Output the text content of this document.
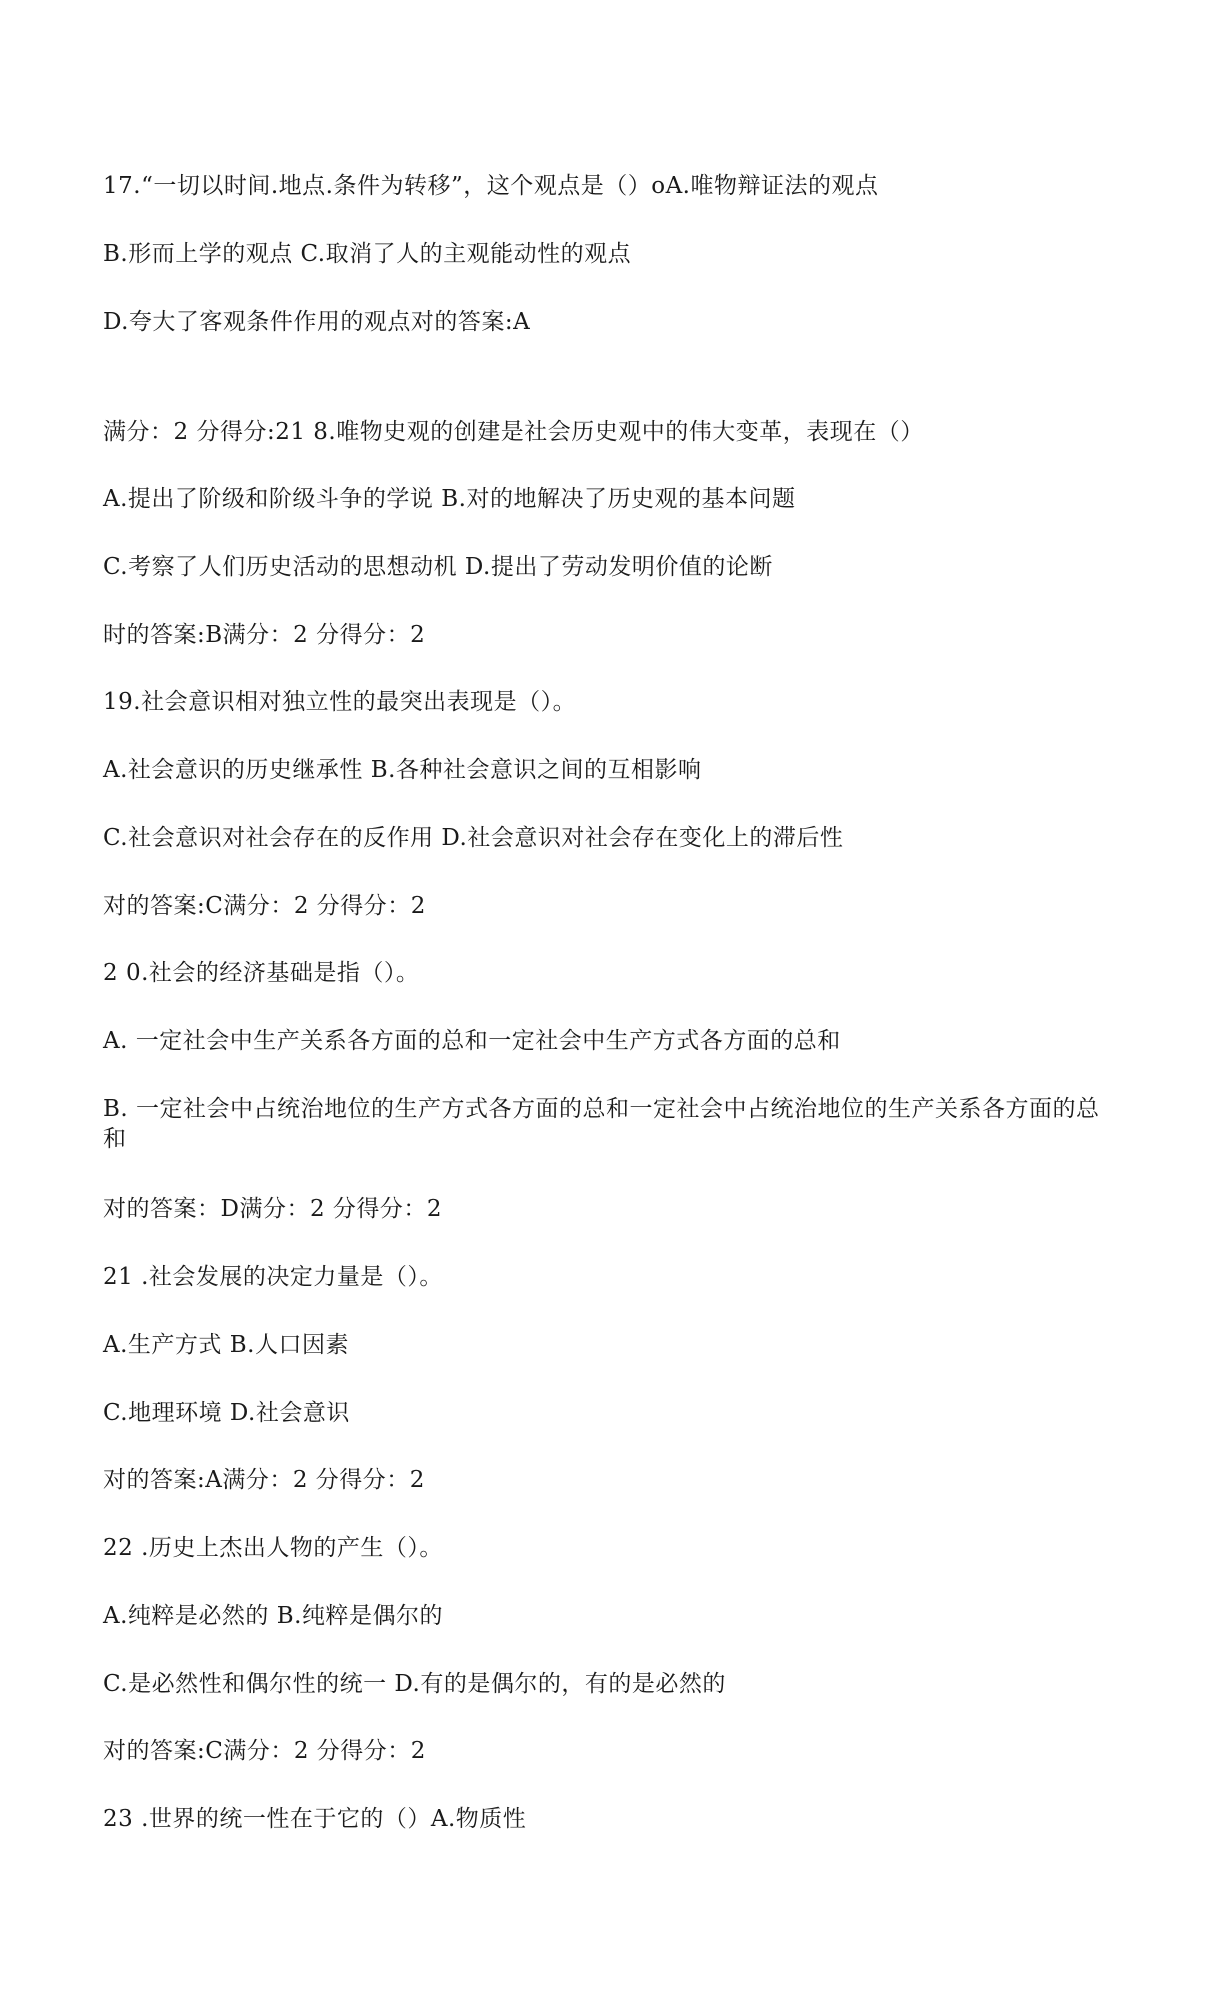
17.“一切以时间.地点.条件为转移”，这个观点是（）oA.唯物辩证法的观点
B.形而上学的观点 C.取消了人的主观能动性的观点
D.夸大了客观条件作用的观点对的答案:A
满分：2 分得分:21 8.唯物史观的创建是社会历史观中的伟大变革，表现在（）
A.提出了阶级和阶级斗争的学说 B.对的地解决了历史观的基本问题
C.考察了人们历史活动的思想动机 D.提出了劳动发明价值的论断
时的答案:B满分：2 分得分：2
19.社会意识相对独立性的最突出表现是（）。
A.社会意识的历史继承性 B.各种社会意识之间的互相影响
C.社会意识对社会存在的反作用 D.社会意识对社会存在变化上的滞后性
对的答案:C满分：2 分得分：2
2 0.社会的经济基础是指（）。
A. 一定社会中生产关系各方面的总和一定社会中生产方式各方面的总和
B. 一定社会中占统治地位的生产方式各方面的总和一定社会中占统治地位的生产关系各方面的总和
对的答案：D满分：2 分得分：2
21 .社会发展的决定力量是（）。
A.生产方式 B.人口因素
C.地理环境 D.社会意识
对的答案:A满分：2 分得分：2
22 .历史上杰出人物的产生（）。
A.纯粹是必然的 B.纯粹是偶尔的
C.是必然性和偶尔性的统一 D.有的是偶尔的，有的是必然的
对的答案:C满分：2 分得分：2
23 .世界的统一性在于它的（）A.物质性
